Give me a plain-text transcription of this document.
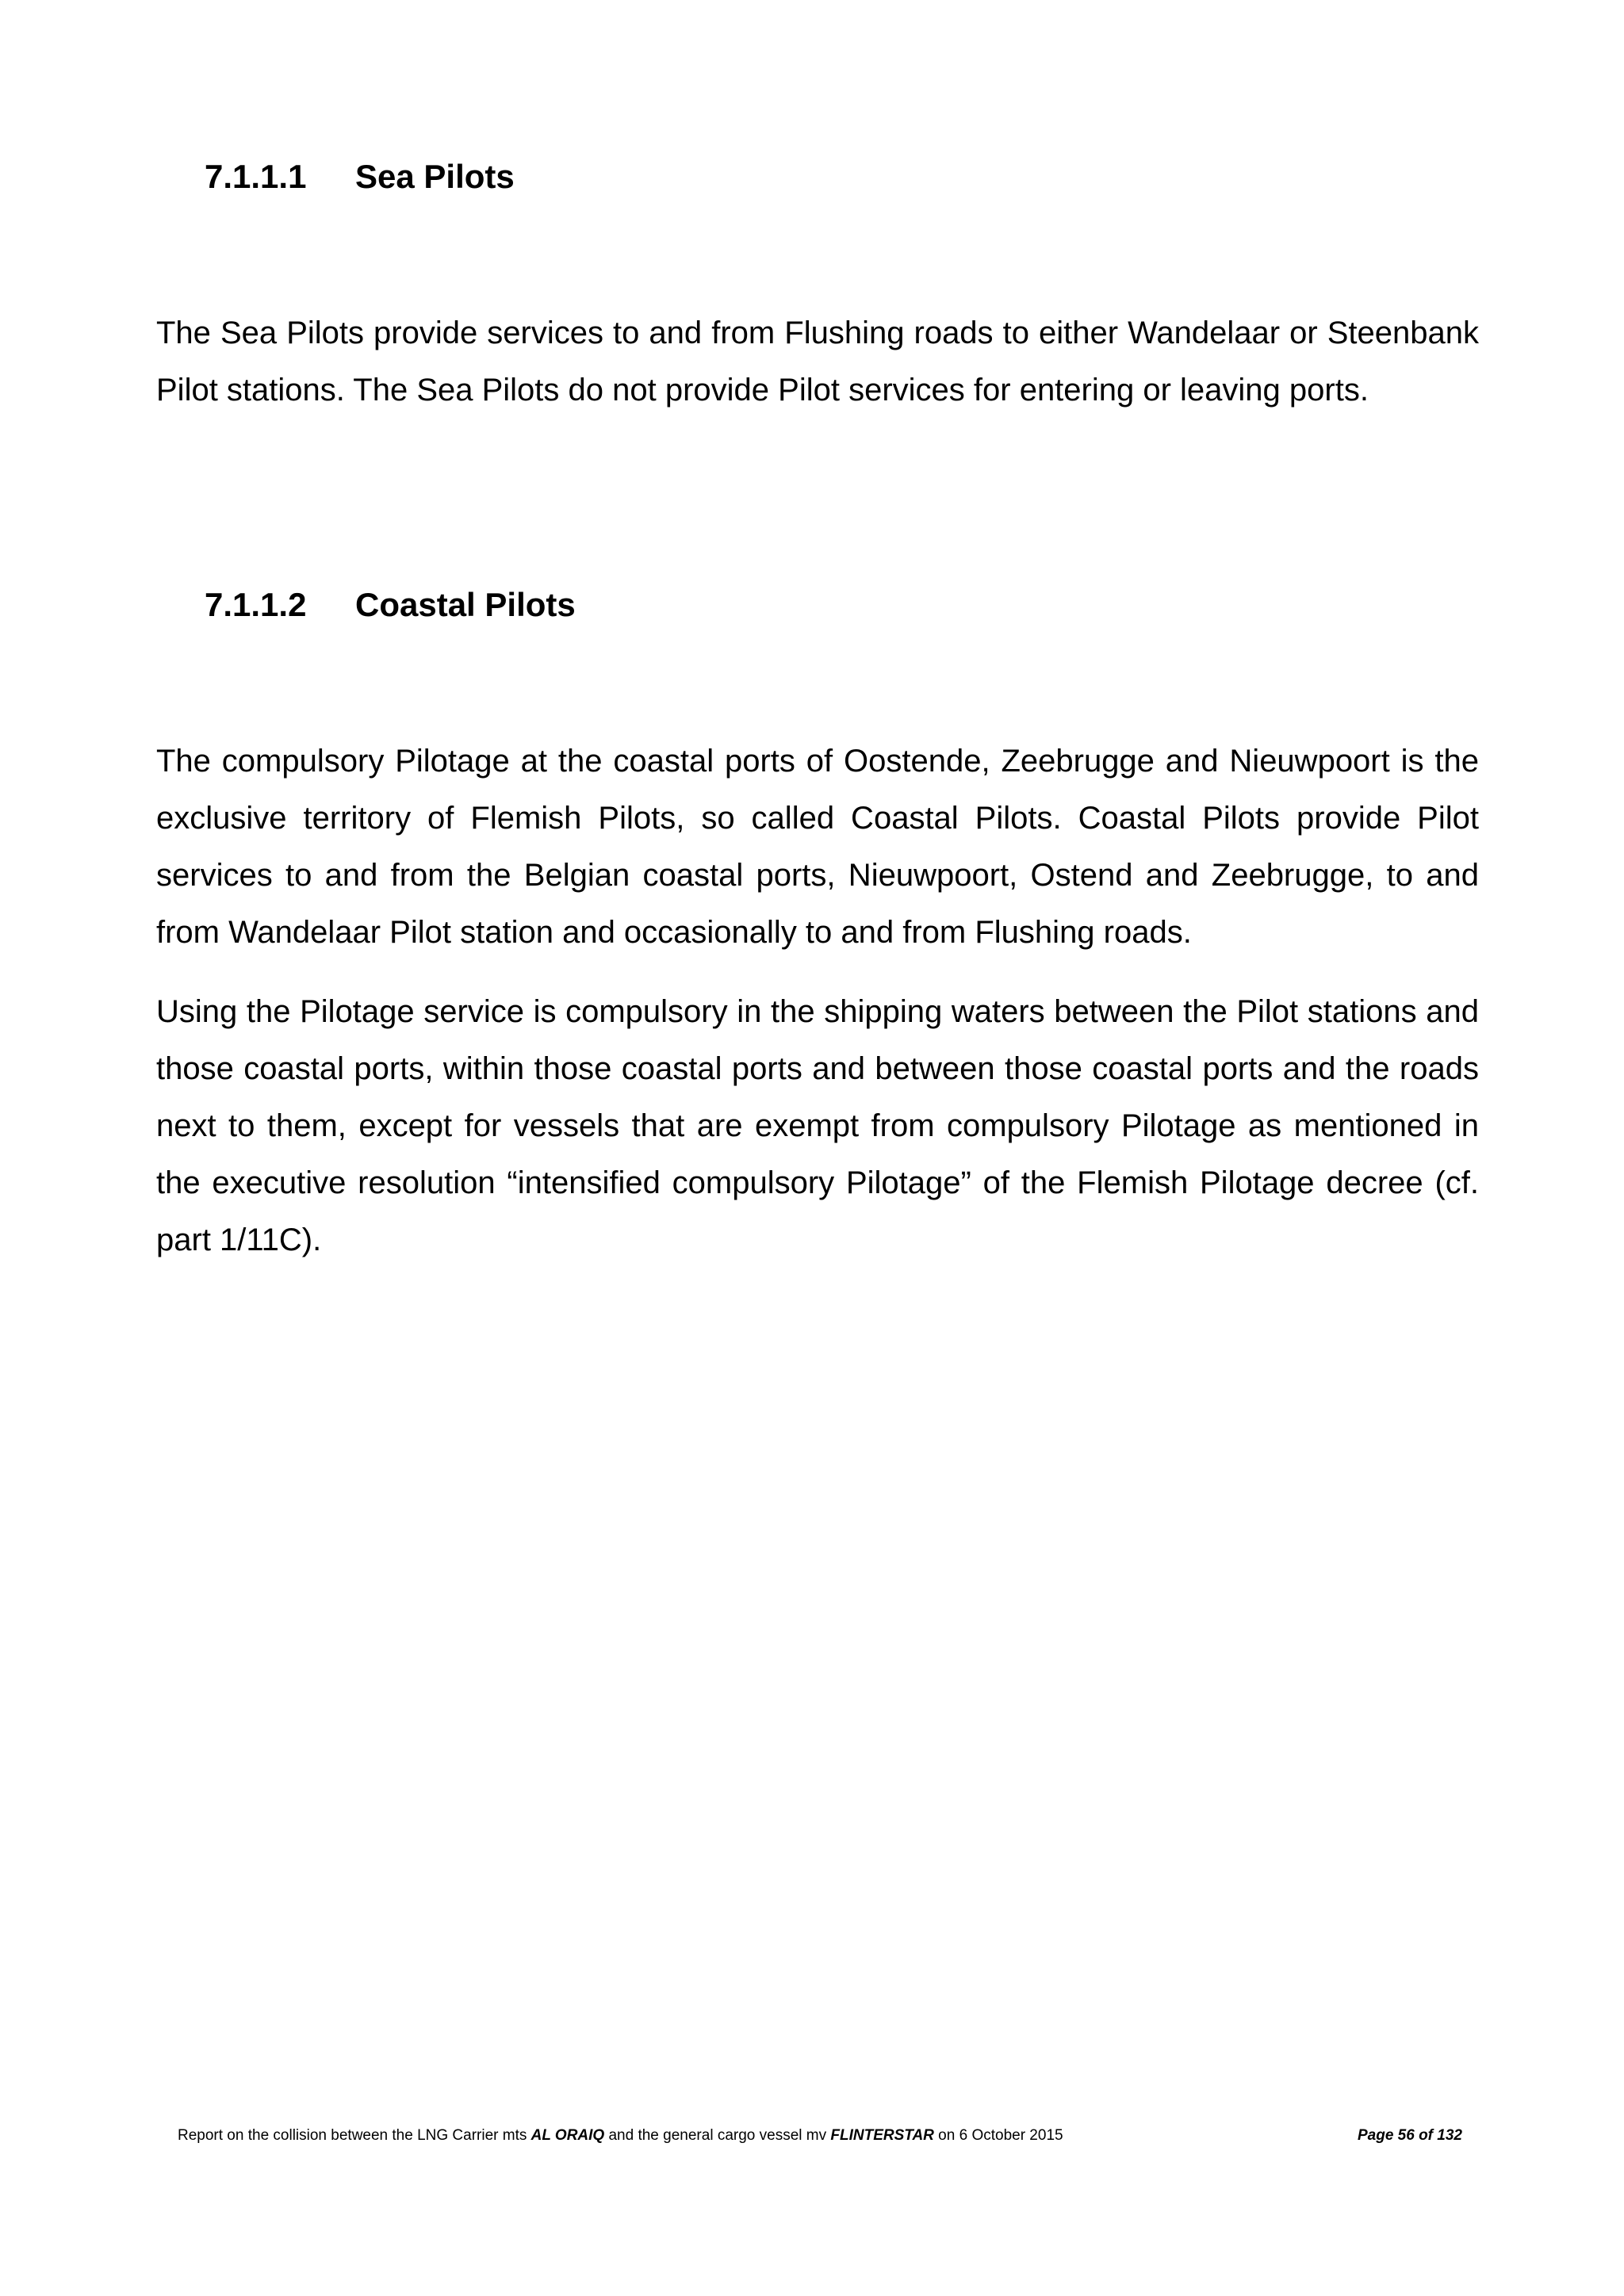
7.1.1.1 Sea Pilots

The Sea Pilots provide services to and from Flushing roads to either Wandelaar or Steenbank Pilot stations. The Sea Pilots do not provide Pilot services for entering or leaving ports.

7.1.1.2 Coastal Pilots

The compulsory Pilotage at the coastal ports of Oostende, Zeebrugge and Nieuwpoort is the exclusive territory of Flemish Pilots, so called Coastal Pilots. Coastal Pilots provide Pilot services to and from the Belgian coastal ports, Nieuwpoort, Ostend and Zeebrugge, to and from Wandelaar Pilot station and occasionally to and from Flushing roads.

Using the Pilotage service is compulsory in the shipping waters between the Pilot stations and those coastal ports, within those coastal ports and between those coastal ports and the roads next to them, except for vessels that are exempt from compulsory Pilotage as mentioned in the executive resolution “intensified compulsory Pilotage” of the Flemish Pilotage decree (cf. part 1/11C).

Report on the collision between the LNG Carrier mts AL ORAIQ and the general cargo vessel mv FLINTERSTAR on 6 October 2015	Page 56 of 132
